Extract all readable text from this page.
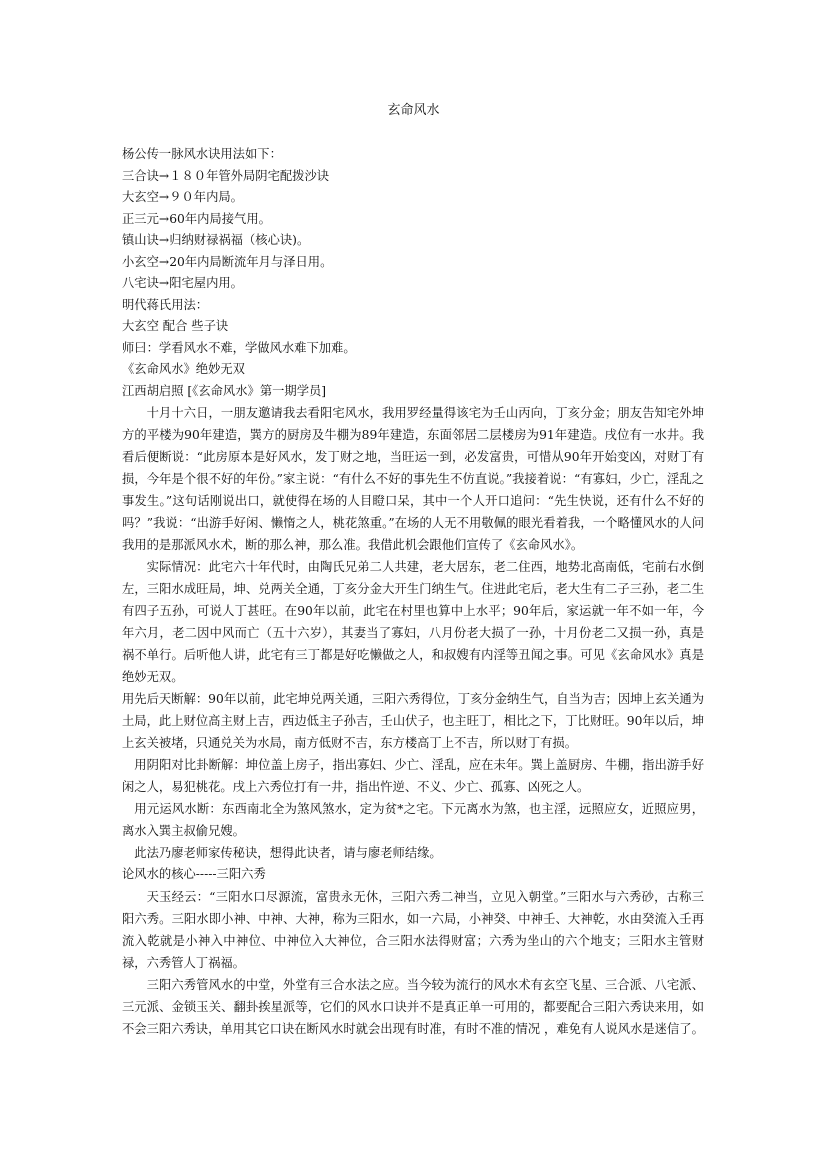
玄命风水

杨公传一脉风水诀用法如下：

三合诀→１８０年管外局阴宅配拨沙诀

大玄空→９０年内局。

正三元→60年内局接气用。

镇山诀→归纳财禄祸福（核心诀)。

小玄空→20年内局断流年月与泽日用。

八宅诀→阳宅屋内用。

明代蒋氏用法：

大玄空 配合 些子诀

师曰：学看风水不难，学做风水难下加难。

《玄命风水》绝妙无双

江西胡启照 [《玄命风水》第一期学员]

十月十六日，一朋友邀请我去看阳宅风水，我用罗经量得该宅为壬山丙向，丁亥分金；朋友告知宅外坤方的平楼为90年建造，巽方的厨房及牛棚为89年建造，东面邻居二层楼房为91年建造。戌位有一水井。我看后便断说：“此房原本是好风水，发丁财之地，当旺运一到，必发富贵，可惜从90年开始变凶，对财丁有损，今年是个很不好的年份。”家主说：“有什么不好的事先生不仿直说。”我接着说：“有寡妇，少亡，淫乱之事发生。”这句话刚说出口，就使得在场的人目瞪口呆，其中一个人开口追问：“先生快说，还有什么不好的吗？”我说：“出游手好闲、懒惰之人，桃花煞重。”在场的人无不用敬佩的眼光看着我，一个略懂风水的人问我用的是那派风水术，断的那么神，那么准。我借此机会跟他们宣传了《玄命风水》。

实际情况：此宅六十年代时，由陶氏兄弟二人共建，老大居东，老二住西，地势北高南低，宅前右水倒左，三阳水成旺局，坤、兑两关全通，丁亥分金大开生门纳生气。住进此宅后，老大生有二子三孙，老二生有四子五孙，可说人丁甚旺。在90年以前，此宅在村里也算中上水平；90年后，家运就一年不如一年，今年六月，老二因中风而亡（五十六岁），其妻当了寡妇，八月份老大损了一孙，十月份老二又损一孙，真是祸不单行。后听他人讲，此宅有三丁都是好吃懒做之人，和叔嫂有内淫等丑闻之事。可见《玄命风水》真是绝妙无双。

用先后天断解：90年以前，此宅坤兑两关通，三阳六秀得位，丁亥分金纳生气，自当为吉；因坤上玄关通为土局，此上财位高主财上吉，西边低主子孙吉，壬山伏子，也主旺丁，相比之下，丁比财旺。90年以后，坤上玄关被堵，只通兑关为水局，南方低财不吉，东方楼高丁上不吉，所以财丁有损。

用阴阳对比卦断解：坤位盖上房子，指出寡妇、少亡、淫乱，应在未年。巽上盖厨房、牛棚，指出游手好闲之人，易犯桃花。戌上六秀位打有一井，指出忤逆、不义、少亡、孤寡、凶死之人。

用元运风水断：东西南北全为煞风煞水，定为贫*之宅。下元离水为煞，也主淫，远照应女，近照应男，离水入巽主叔偷兄嫂。

此法乃廖老师家传秘诀，想得此诀者，请与廖老师结缘。

论风水的核心-----三阳六秀

天玉经云：“三阳水口尽源流，富贵永无休，三阳六秀二神当，立见入朝堂。”三阳水与六秀砂，古称三阳六秀。三阳水即小神、中神、大神，称为三阳水，如一六局，小神癸、中神壬、大神乾，水由癸流入壬再流入乾就是小神入中神位、中神位入大神位，合三阳水法得财富；六秀为坐山的六个地支；三阳水主管财禄，六秀管人丁祸福。

三阳六秀管风水的中堂，外堂有三合水法之应。当今较为流行的风水术有玄空飞星、三合派、八宅派、三元派、金锁玉关、翻卦挨星派等，它们的风水口诀并不是真正单一可用的，都要配合三阳六秀诀来用，如不会三阳六秀诀，单用其它口诀在断风水时就会出现有时准，有时不准的情况 ，难免有人说风水是迷信了。
